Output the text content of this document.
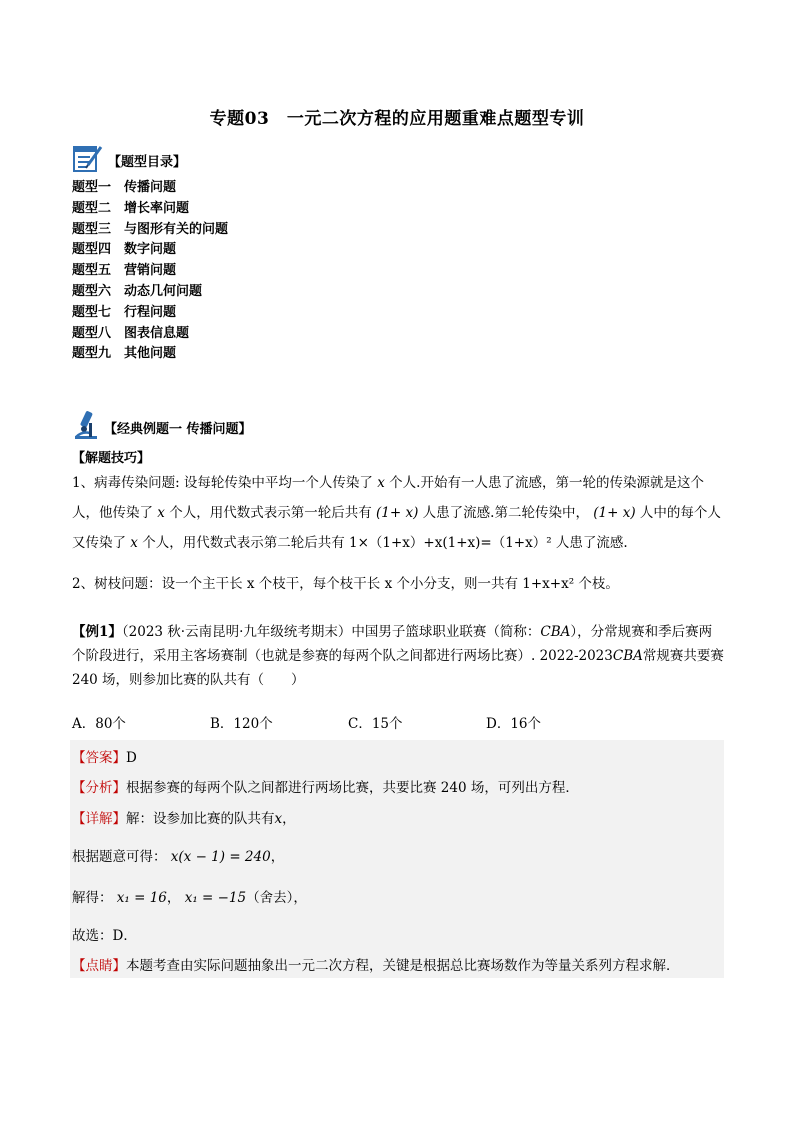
专题03　一元二次方程的应用题重难点题型专训
【题型目录】
题型一 传播问题
题型二 增长率问题
题型三 与图形有关的问题
题型四 数字问题
题型五 营销问题
题型六 动态几何问题
题型七 行程问题
题型八 图表信息题
题型九 其他问题
【经典例题一 传播问题】
【解题技巧】
1、病毒传染问题: 设每轮传染中平均一个人传染了 x 个人.开始有一人患了流感，第一轮的传染源就是这个人，他传染了 x 个人，用代数式表示第一轮后共有 (1+ x) 人患了流感.第二轮传染中， (1+ x) 人中的每个人又传染了 x 个人，用代数式表示第二轮后共有 1×（1+x）+x(1+x)=（1+x）² 人患了流感.
2、树枝问题：设一个主干长 x 个枝干，每个枝干长 x 个小分支，则一共有 1+x+x² 个枝。
【例1】（2023 秋·云南昆明·九年级统考期末）中国男子篮球职业联赛（简称：CBA），分常规赛和季后赛两个阶段进行，采用主客场赛制（也就是参赛的每两个队之间都进行两场比赛）. 2022-2023CBA常规赛共要赛 240 场，则参加比赛的队共有（　　）
A．80个	B．120个	C．15个	D．16个
【答案】D
【分析】根据参赛的每两个队之间都进行两场比赛，共要比赛 240 场，可列出方程．
【详解】解：设参加比赛的队共有x，
根据题意可得： x(x − 1) = 240，
解得： x₁ = 16， x₁ = −15（舍去），
故选：D．
【点睛】本题考查由实际问题抽象出一元二次方程，关键是根据总比赛场数作为等量关系列方程求解．
